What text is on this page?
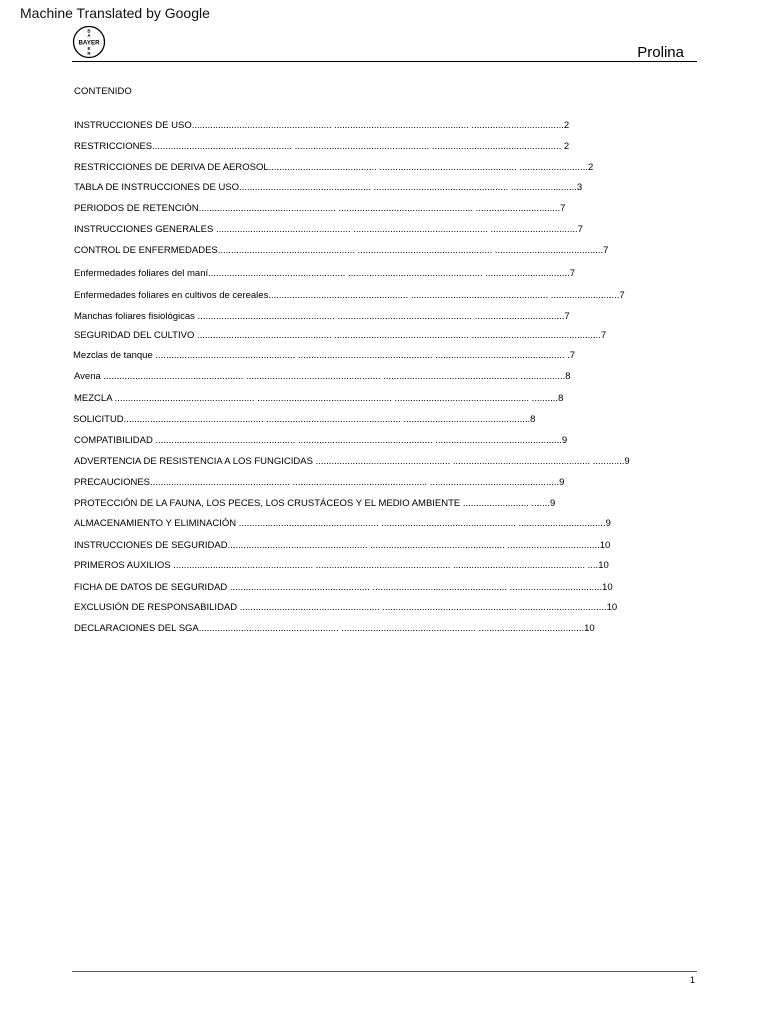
Machine Translated by Google
BAYER
B
A
E
R	Prolina
CONTENIDO
INSTRUCCIONES DE USO..................................................... ................................................... ...................................2
RESTRICCIONES..................................................... ................................................... ................................................. 2
RESTRICCIONES DE DERIVA DE AEROSOL......................................... .................................................... ..........................2
TABLA DE INSTRUCCIONES DE USO.................................................. ................................................... .........................3
PERIODOS DE RETENCIÓN.................................................... ................................................... ................................7
INSTRUCCIONES GENERALES ................................................... ................................................... .................................7
CONTROL DE ENFERMEDADES.................................................... ................................................... .........................................7
Enfermedades foliares del maní.................................................... ................................................... ................................7
Enfermedades foliares en cultivos de cereales..................................................... .................................................... ..........................7
Manchas foliares fisiológicas .................................................... ................................................... ..................................7
SEGURIDAD DEL CULTIVO ................................................... ................................................... .................................................7
Mezclas de tanque ..................................................... ................................................... ................................................. .7
Avena ..................................................... ................................................... ................................................... .................8
MEZCLA ..................................................... ................................................... ................................................... ..........8
SOLICITUD..................................................... ................................................... ................................................8
COMPATIBILIDAD ..................................................... ................................................... ................................................9
ADVERTENCIA DE RESISTENCIA A LOS FUNGICIDAS ................................................... .................................................... ............9
PRECAUCIONES..................................................... ................................................... .................................................9
PROTECCIÓN DE LA FAUNA, LOS PECES, LOS CRUSTÁCEOS Y EL MEDIO AMBIENTE ......................... .......9
ALMACENAMIENTO Y ELIMINACIÓN ..................................................... ................................................... .................................9
INSTRUCCIONES DE SEGURIDAD..................................................... ................................................... ...................................10
PRIMEROS AUXILIOS ..................................................... ................................................... .................................................. ....10
FICHA DE DATOS DE SEGURIDAD ..................................................... ................................................... ...................................10
EXCLUSIÓN DE RESPONSABILIDAD ..................................................... ................................................... .................................10
DECLARACIONES DEL SGA..................................................... ................................................... ........................................10
1
